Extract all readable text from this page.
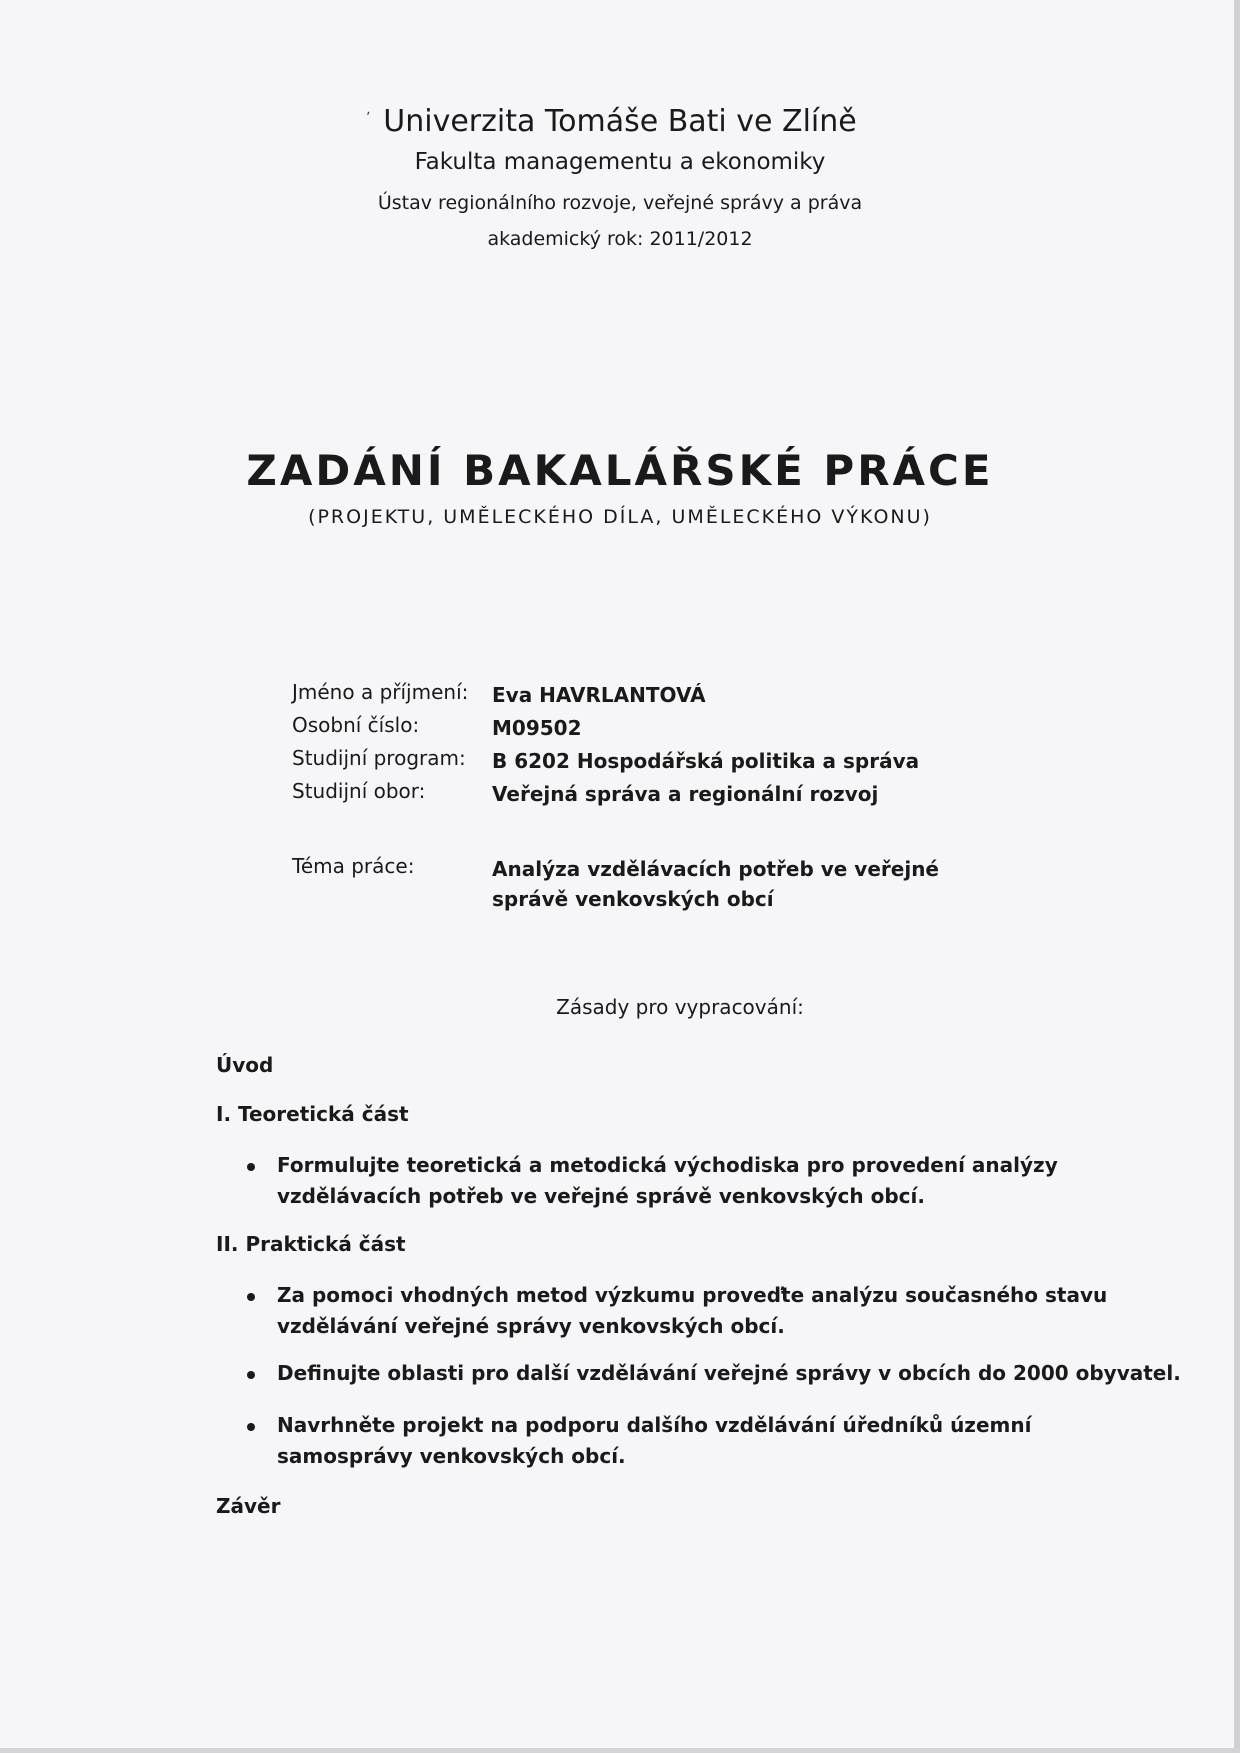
ʼ Univerzita Tomáše Bati ve Zlíně
Fakulta managementu a ekonomiky
Ústav regionálního rozvoje, veřejné správy a práva
akademický rok: 2011/2012
ZADÁNÍ BAKALÁŘSKÉ PRÁCE
(PROJEKTU, UMĚLECKÉHO DÍLA, UMĚLECKÉHO VÝKONU)
Jméno a příjmení: Eva HAVRLANTOVÁ
Osobní číslo:	M09502
Studijní program: B 6202 Hospodářská politika a správa
Studijní obor:	Veřejná správa a regionální rozvoj
Téma práce:	Analýza vzdělávacích potřeb ve veřejné správě venkovských obcí
Zásady pro vypracování:
Úvod
I. Teoretická část
Formulujte teoretická a metodická východiska pro provedení analýzy vzdělávacích potřeb ve veřejné správě venkovských obcí.
II. Praktická část
Za pomoci vhodných metod výzkumu proveďte analýzu současného stavu vzdělávání veřejné správy venkovských obcí.
Definujte oblasti pro další vzdělávání veřejné správy v obcích do 2000 obyvatel.
Navrhněte projekt na podporu dalšího vzdělávání úředníků územní samosprávy venkovských obcí.
Závěr
